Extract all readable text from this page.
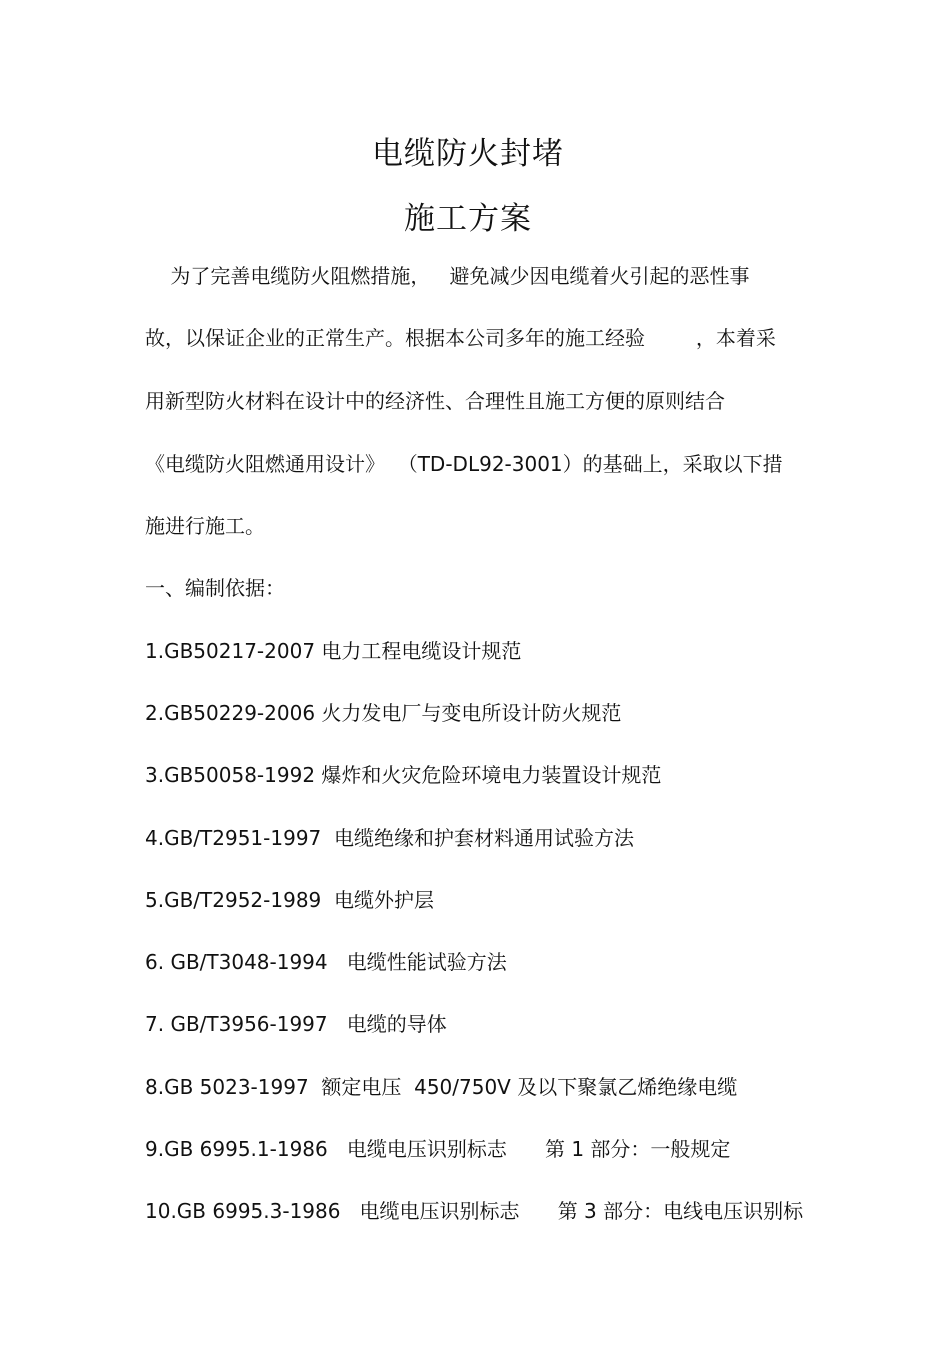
电缆防火封堵
施工方案

为了完善电缆防火阻燃措施，   避免减少因电缆着火引起的恶性事

故，以保证企业的正常生产。根据本公司多年的施工经验        ，本着采

用新型防火材料在设计中的经济性、合理性且施工方便的原则结合

《电缆防火阻燃通用设计》  （TD-DL92-3001）的基础上，采取以下措

施进行施工。

一、编制依据：

1.GB50217-2007 电力工程电缆设计规范

2.GB50229-2006 火力发电厂与变电所设计防火规范

3.GB50058-1992 爆炸和火灾危险环境电力装置设计规范

4.GB/T2951-1997  电缆绝缘和护套材料通用试验方法

5.GB/T2952-1989  电缆外护层

6. GB/T3048-1994   电缆性能试验方法

7. GB/T3956-1997   电缆的导体

8.GB 5023-1997  额定电压  450/750V 及以下聚氯乙烯绝缘电缆

9.GB 6995.1-1986   电缆电压识别标志      第 1 部分：一般规定

10.GB 6995.3-1986   电缆电压识别标志      第 3 部分：电线电压识别标
